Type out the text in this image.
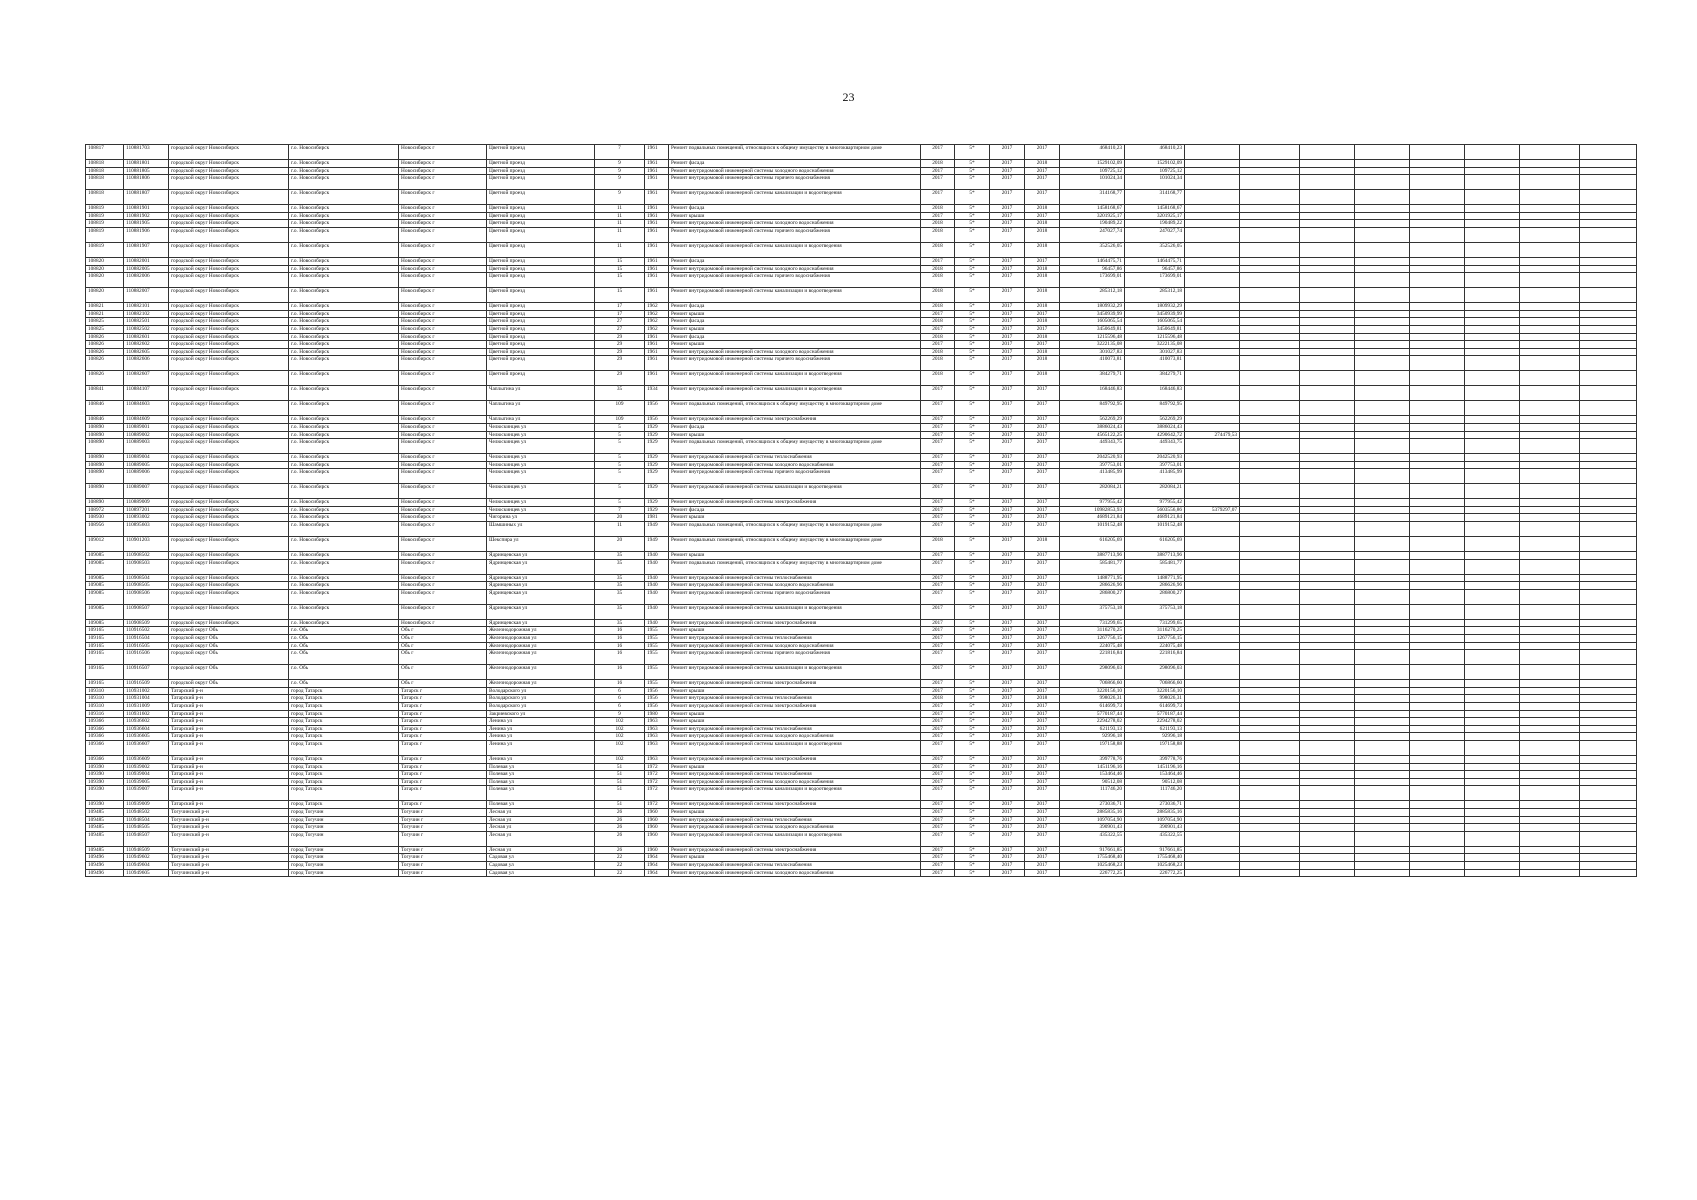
23
108817	110881703	городской округ Новосибирск	г.о. Новосибирск	Новосибирск г	Цветной проезд	7	1961	Ремонт подвальных помещений, относящихся к общему имуществу в многоквартирном доме	2017	5*	2017	2017	468410,23	468410,23								
108818	110881801	городской округ Новосибирск	г.о. Новосибирск	Новосибирск г	Цветной проезд	9	1961	Ремонт фасада	2018	5*	2017	2018	1529102,09	1529102,09								
108818	110881805	городской округ Новосибирск	г.о. Новосибирск	Новосибирск г	Цветной проезд	9	1961	Ремонт внутридомовой инженерной системы холодного водоснабжения	2017	5*	2017	2017	109725,12	109725,12								
108818	110881806	городской округ Новосибирск	г.о. Новосибирск	Новосибирск г	Цветной проезд	9	1961	Ремонт внутридомовой инженерной системы горячего водоснабжения	2017	5*	2017	2017	101024,34	101024,34								
108818	110881807	городской округ Новосибирск	г.о. Новосибирск	Новосибирск г	Цветной проезд	9	1961	Ремонт внутридомовой инженерной системы канализации и водоотведения	2017	5*	2017	2017	314168,77	314168,77								
108819	110881901	городской округ Новосибирск	г.о. Новосибирск	Новосибирск г	Цветной проезд	11	1961	Ремонт фасада	2018	5*	2017	2018	1458168,67	1458168,67								
108819	110881902	городской округ Новосибирск	г.о. Новосибирск	Новосибирск г	Цветной проезд	11	1961	Ремонт крыши	2017	5*	2017	2017	3201925,17	3201925,17								
108819	110881905	городской округ Новосибирск	г.о. Новосибирск	Новосибирск г	Цветной проезд	11	1961	Ремонт внутридомовой инженерной системы холодного водоснабжения	2018	5*	2017	2018	190489,22	190489,22								
108819	110881906	городской округ Новосибирск	г.о. Новосибирск	Новосибирск г	Цветной проезд	11	1961	Ремонт внутридомовой инженерной системы горячего водоснабжения	2018	5*	2017	2018	247027,74	247027,74								
108819	110881907	городской округ Новосибирск	г.о. Новосибирск	Новосибирск г	Цветной проезд	11	1961	Ремонт внутридомовой инженерной системы канализации и водоотведения	2018	5*	2017	2018	352526,05	352526,05								
108820	110882001	городской округ Новосибирск	г.о. Новосибирск	Новосибирск г	Цветной проезд	15	1961	Ремонт фасада	2017	5*	2017	2017	1464475,71	1464475,71								
108820	110882005	городской округ Новосибирск	г.о. Новосибирск	Новосибирск г	Цветной проезд	15	1961	Ремонт внутридомовой инженерной системы холодного водоснабжения	2018	5*	2017	2018	96457,86	96457,86								
108820	110882006	городской округ Новосибирск	г.о. Новосибирск	Новосибирск г	Цветной проезд	15	1961	Ремонт внутридомовой инженерной системы горячего водоснабжения	2018	5*	2017	2018	173699,01	173699,01								
108820	110882007	городской округ Новосибирск	г.о. Новосибирск	Новосибирск г	Цветной проезд	15	1961	Ремонт внутридомовой инженерной системы канализации и водоотведения	2018	5*	2017	2018	285312,18	285312,18								
108821	110882101	городской округ Новосибирск	г.о. Новосибирск	Новосибирск г	Цветной проезд	17	1962	Ремонт фасада	2018	5*	2017	2018	1809932,29	1809932,29								
108821	110882102	городской округ Новосибирск	г.о. Новосибирск	Новосибирск г	Цветной проезд	17	1962	Ремонт крыши	2017	5*	2017	2017	3450939,99	3450939,99								
108825	110882501	городской округ Новосибирск	г.о. Новосибирск	Новосибирск г	Цветной проезд	27	1962	Ремонт фасада	2018	5*	2017	2018	1605065,54	1605065,54								
108825	110882502	городской округ Новосибирск	г.о. Новосибирск	Новосибирск г	Цветной проезд	27	1962	Ремонт крыши	2017	5*	2017	2017	3450649,81	3450649,81								
108826	110882601	городской округ Новосибирск	г.о. Новосибирск	Новосибирск г	Цветной проезд	29	1961	Ремонт фасада	2018	5*	2017	2018	1215596,48	1215596,48								
108826	110882602	городской округ Новосибирск	г.о. Новосибирск	Новосибирск г	Цветной проезд	29	1961	Ремонт крыши	2017	5*	2017	2017	3222135,08	3222135,08								
108826	110882605	городской округ Новосибирск	г.о. Новосибирск	Новосибирск г	Цветной проезд	29	1961	Ремонт внутридомовой инженерной системы холодного водоснабжения	2018	5*	2017	2018	301027,83	301027,83								
108826	110882606	городской округ Новосибирск	г.о. Новосибирск	Новосибирск г	Цветной проезд	29	1961	Ремонт внутридомовой инженерной системы горячего водоснабжения	2018	5*	2017	2018	410073,81	410073,81								
108826	110882607	городской округ Новосибирск	г.о. Новосибирск	Новосибирск г	Цветной проезд	29	1961	Ремонт внутридомовой инженерной системы канализации и водоотведения	2018	5*	2017	2018	384279,71	384279,71								
108841	110884107	городской округ Новосибирск	г.о. Новосибирск	Новосибирск г	Чаплыгина ул	35	1934	Ремонт внутридомовой инженерной системы канализации и водоотведения	2017	5*	2017	2017	168446,83	168446,83								
108846	110884603	городской округ Новосибирск	г.о. Новосибирск	Новосибирск г	Чаплыгина ул	109	1956	Ремонт подвальных помещений, относящихся к общему имуществу в многоквартирном доме	2017	5*	2017	2017	849792,95	849792,95								
108846	110884609	городской округ Новосибирск	г.о. Новосибирск	Новосибирск г	Чаплыгина ул	109	1956	Ремонт внутридомовой инженерной системы электроснабжения	2017	5*	2017	2017	562269,29	562269,29								
108890	110889001	городской округ Новосибирск	г.о. Новосибирск	Новосибирск г	Челюскинцев ул	5	1929	Ремонт фасада	2017	5*	2017	2017	3886024,43	3886024,43								
108890	110889002	городской округ Новосибирск	г.о. Новосибирск	Новосибирск г	Челюскинцев ул	5	1929	Ремонт крыши	2017	5*	2017	2017	4565122,25	4290642,72	274479,53							
108890	110889003	городской округ Новосибирск	г.о. Новосибирск	Новосибирск г	Челюскинцев ул	5	1929	Ремонт подвальных помещений, относящихся к общему имуществу в многоквартирном доме	2017	5*	2017	2017	449343,75	449343,75								
108890	110889004	городской округ Новосибирск	г.о. Новосибирск	Новосибирск г	Челюскинцев ул	5	1929	Ремонт внутридомовой инженерной системы теплоснабжения	2017	5*	2017	2017	2042520,93	2042520,93								
108890	110889005	городской округ Новосибирск	г.о. Новосибирск	Новосибирск г	Челюскинцев ул	5	1929	Ремонт внутридомовой инженерной системы холодного водоснабжения	2017	5*	2017	2017	397753,01	397753,01								
108890	110889006	городской округ Новосибирск	г.о. Новосибирск	Новосибирск г	Челюскинцев ул	5	1929	Ремонт внутридомовой инженерной системы горячего водоснабжения	2017	5*	2017	2017	413485,99	413485,99								
108890	110889007	городской округ Новосибирск	г.о. Новосибирск	Новосибирск г	Челюскинцев ул	5	1929	Ремонт внутридомовой инженерной системы канализации и водоотведения	2017	5*	2017	2017	282084,21	282084,21								
108890	110889009	городской округ Новосибирск	г.о. Новосибирск	Новосибирск г	Челюскинцев ул	5	1929	Ремонт внутридомовой инженерной системы электроснабжения	2017	5*	2017	2017	977955,42	977955,42								
108972	110897201	городской округ Новосибирск	г.о. Новосибирск	Новосибирск г	Челюскинцев ул	7	1929	Ремонт фасада	2017	5*	2017	2017	10982853,93	5603556,86	5379297,07							
108930	110893002	городской округ Новосибирск	г.о. Новосибирск	Новосибирск г	Чигорина ул	20	1981	Ремонт крыши	2017	5*	2017	2017	4689121,84	4689121,84								
108956	110895603	городской округ Новосибирск	г.о. Новосибирск	Новосибирск г	Шамшиных ул	11	1949	Ремонт подвальных помещений, относящихся к общему имуществу в многоквартирном доме	2017	5*	2017	2017	1019152,48	1019152,48								
109012	110901203	городской округ Новосибирск	г.о. Новосибирск	Новосибирск г	Шекспира ул	20	1949	Ремонт подвальных помещений, относящихся к общему имуществу в многоквартирном доме	2018	5*	2017	2018	616205,69	616205,69								
109085	110908502	городской округ Новосибирск	г.о. Новосибирск	Новосибирск г	Ядринцевская ул	35	1940	Ремонт крыши	2017	5*	2017	2017	3887713,96	3887713,96								
109085	110908503	городской округ Новосибирск	г.о. Новосибирск	Новосибирск г	Ядринцевская ул	35	1940	Ремонт подвальных помещений, относящихся к общему имуществу в многоквартирном доме	2017	5*	2017	2017	585481,77	585481,77								
109085	110908504	городской округ Новосибирск	г.о. Новосибирск	Новосибирск г	Ядринцевская ул	35	1940	Ремонт внутридомовой инженерной системы теплоснабжения	2017	5*	2017	2017	1488771,95	1488771,95								
109085	110908505	городской округ Новосибирск	г.о. Новосибирск	Новосибирск г	Ядринцевская ул	35	1940	Ремонт внутридомовой инженерной системы холодного водоснабжения	2017	5*	2017	2017	286626,96	286626,96								
109085	110908506	городской округ Новосибирск	г.о. Новосибирск	Новосибирск г	Ядринцевская ул	35	1940	Ремонт внутридомовой инженерной системы горячего водоснабжения	2017	5*	2017	2017	286800,27	286800,27								
109085	110908507	городской округ Новосибирск	г.о. Новосибирск	Новосибирск г	Ядринцевская ул	35	1940	Ремонт внутридомовой инженерной системы канализации и водоотведения	2017	5*	2017	2017	375753,18	375753,18								
109085	110908509	городской округ Новосибирск	г.о. Новосибирск	Новосибирск г	Ядринцевская ул	35	1940	Ремонт внутридомовой инженерной системы электроснабжения	2017	5*	2017	2017	731299,65	731299,65								
109165	110916502	городской округ Обь	г.о. Обь	Обь г	Железнодорожная ул	16	1955	Ремонт крыши	2017	5*	2017	2017	3116270,25	3116270,25								
109165	110916504	городской округ Обь	г.о. Обь	Обь г	Железнодорожная ул	16	1955	Ремонт внутридомовой инженерной системы теплоснабжения	2017	5*	2017	2017	1267756,15	1267756,15								
109165	110916505	городской округ Обь	г.о. Обь	Обь г	Железнодорожная ул	16	1955	Ремонт внутридомовой инженерной системы холодного водоснабжения	2017	5*	2017	2017	224075,48	224075,48								
109165	110916506	городской округ Обь	г.о. Обь	Обь г	Железнодорожная ул	16	1955	Ремонт внутридомовой инженерной системы горячего водоснабжения	2017	5*	2017	2017	221816,84	221816,84								
109165	110916507	городской округ Обь	г.о. Обь	Обь г	Железнодорожная ул	16	1955	Ремонт внутридомовой инженерной системы канализации и водоотведения	2017	5*	2017	2017	298096,03	298096,03								
109165	110916509	городской округ Обь	г.о. Обь	Обь г	Железнодорожная ул	16	1955	Ремонт внутридомовой инженерной системы электроснабжения	2017	5*	2017	2017	706866,60	706866,60								
109310	110931002	Татарский р-н	город Татарск	Татарск г	Володарского ул	6	1956	Ремонт крыши	2017	5*	2017	2017	3220156,10	3220156,10								
109310	110931004	Татарский р-н	город Татарск	Татарск г	Володарского ул	6	1956	Ремонт внутридомовой инженерной системы теплоснабжения	2018	5*	2017	2018	998026,31	998026,31								
109310	110931009	Татарский р-н	город Татарск	Татарск г	Володарского ул	6	1956	Ремонт внутридомовой инженерной системы электроснабжения	2017	5*	2017	2017	614699,73	614699,73								
109316	110931602	Татарский р-н	город Татарск	Татарск г	Закриевского ул	9	1980	Ремонт крыши	2017	5*	2017	2017	5770187,44	5770187,44								
109366	110936602	Татарский р-н	город Татарск	Татарск г	Ленина ул	102	1963	Ремонт крыши	2017	5*	2017	2017	2294278,02	2294278,02								
109366	110936604	Татарский р-н	город Татарск	Татарск г	Ленина ул	102	1963	Ремонт внутридомовой инженерной системы теплоснабжения	2017	5*	2017	2017	621193,13	621193,13								
109366	110936605	Татарский р-н	город Татарск	Татарск г	Ленина ул	102	1963	Ремонт внутридомовой инженерной системы холодного водоснабжения	2017	5*	2017	2017	92996,18	92996,18								
109366	110936607	Татарский р-н	город Татарск	Татарск г	Ленина ул	102	1963	Ремонт внутридомовой инженерной системы канализации и водоотведения	2017	5*	2017	2017	197158,88	197158,88								
109366	110936609	Татарский р-н	город Татарск	Татарск г	Ленина ул	102	1963	Ремонт внутридомовой инженерной системы электроснабжения	2017	5*	2017	2017	399778,76	399778,76								
109390	110939002	Татарский р-н	город Татарск	Татарск г	Полевая ул	51	1972	Ремонт крыши	2017	5*	2017	2017	1451196,16	1451196,16								
109390	110939004	Татарский р-н	город Татарск	Татарск г	Полевая ул	51	1972	Ремонт внутридомовой инженерной системы теплоснабжения	2017	5*	2017	2017	153464,46	153464,46								
109390	110939005	Татарский р-н	город Татарск	Татарск г	Полевая ул	51	1972	Ремонт внутридомовой инженерной системы холодного водоснабжения	2017	5*	2017	2017	90512,08	90512,08								
109390	110939007	Татарский р-н	город Татарск	Татарск г	Полевая ул	51	1972	Ремонт внутридомовой инженерной системы канализации и водоотведения	2017	5*	2017	2017	111746,20	111746,20								
109390	110939009	Татарский р-н	город Татарск	Татарск г	Полевая ул	51	1972	Ремонт внутридомовой инженерной системы электроснабжения	2017	5*	2017	2017	273036,71	273036,71								
109485	110948502	Тогучинский р-н	город Тогучин	Тогучин г	Лесная ул	26	1960	Ремонт крыши	2017	5*	2017	2017	2885835,16	2885835,16								
109485	110948504	Тогучинский р-н	город Тогучин	Тогучин г	Лесная ул	26	1960	Ремонт внутридомовой инженерной системы теплоснабжения	2017	5*	2017	2017	1097054,90	1097054,90								
109485	110948505	Тогучинский р-н	город Тогучин	Тогучин г	Лесная ул	26	1960	Ремонт внутридомовой инженерной системы холодного водоснабжения	2017	5*	2017	2017	390901,43	390901,43								
109485	110948507	Тогучинский р-н	город Тогучин	Тогучин г	Лесная ул	26	1960	Ремонт внутридомовой инженерной системы канализации и водоотведения	2017	5*	2017	2017	435322,55	435322,55								
109485	110948509	Тогучинский р-н	город Тогучин	Тогучин г	Лесная ул	26	1960	Ремонт внутридомовой инженерной системы электроснабжения	2017	5*	2017	2017	917661,85	917661,85								
109496	110949602	Тогучинский р-н	город Тогучин	Тогучин г	Садовая ул	22	1964	Ремонт крыши	2017	5*	2017	2017	1755468,40	1755468,40								
109496	110949604	Тогучинский р-н	город Тогучин	Тогучин г	Садовая ул	22	1964	Ремонт внутридомовой инженерной системы теплоснабжения	2017	5*	2017	2017	1025468,23	1025468,23								
109496	110949605	Тогучинский р-н	город Тогучин	Тогучин г	Садовая ул	22	1964	Ремонт внутридомовой инженерной системы холодного водоснабжения	2017	5*	2017	2017	226772,25	226772,25								
